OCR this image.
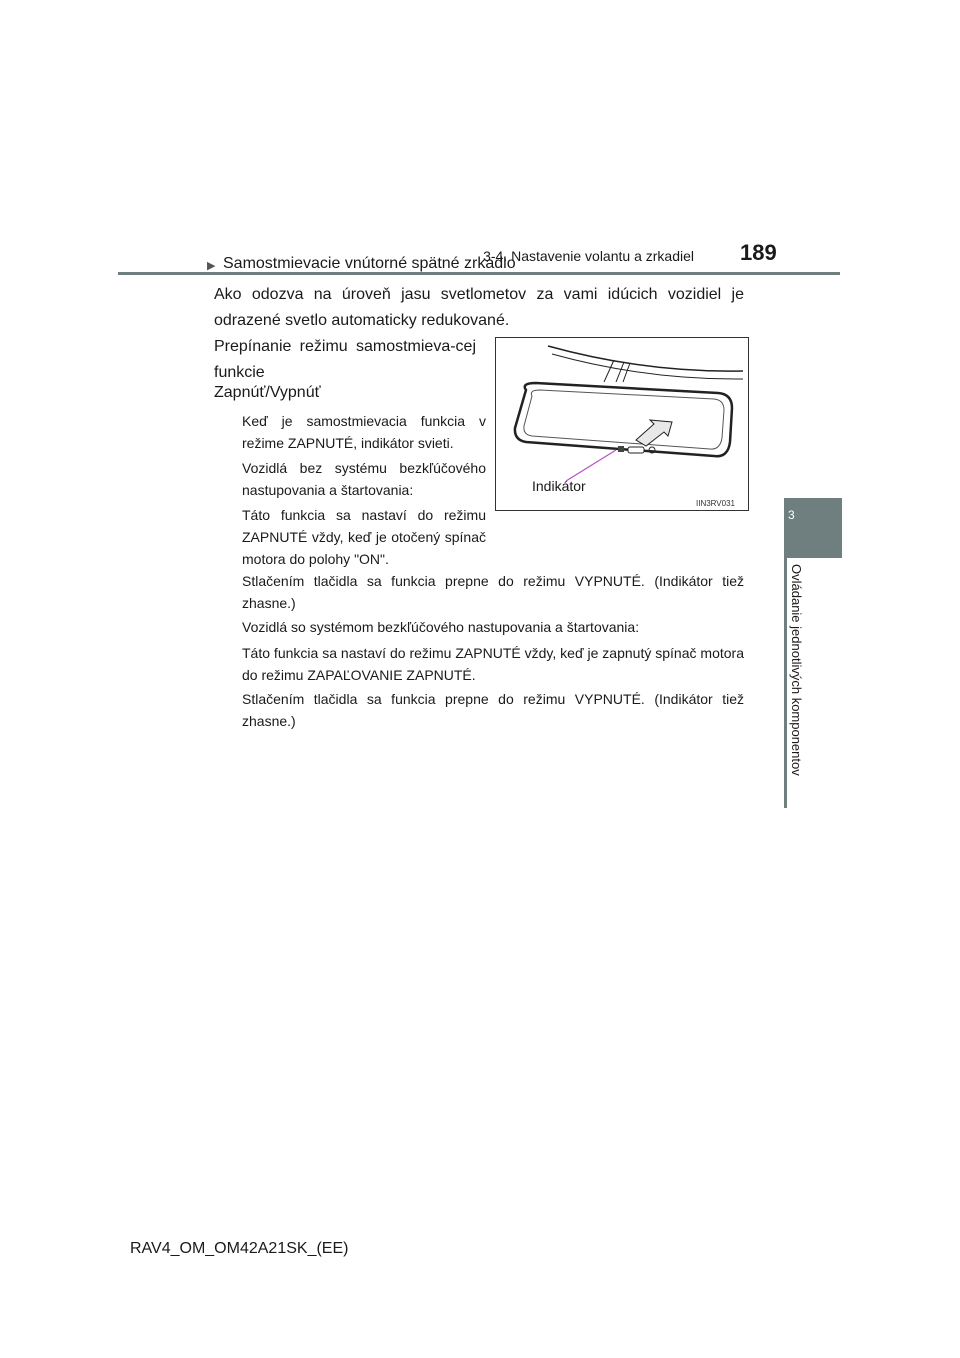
3-4. Nastavenie volantu a zrkadiel 189
3
Ovládanie jednotlivých komponentov
▶ Samostmievacie vnútorné spätné zrkadlo
Ako odozva na úroveň jasu svetlometov za vami idúcich vozidiel je odrazené svetlo automaticky redukované.
Prepínanie režimu samostmieva-cej funkcie
Zapnúť/Vypnúť
Keď je samostmievacia funkcia v režime ZAPNUTÉ, indikátor svieti.
Vozidlá bez systému bezkľúčového nastupovania a štartovania:
Táto funkcia sa nastaví do režimu ZAPNUTÉ vždy, keď je otočený spínač motora do polohy "ON".
Stlačením tlačidla sa funkcia prepne do režimu VYPNUTÉ. (Indikátor tiež zhasne.)
Vozidlá so systémom bezkľúčového nastupovania a štartovania:
Táto funkcia sa nastaví do režimu ZAPNUTÉ vždy, keď je zapnutý spínač motora do režimu ZAPAĽOVANIE ZAPNUTÉ.
Stlačením tlačidla sa funkcia prepne do režimu VYPNUTÉ. (Indikátor tiež zhasne.)
Indikátor
IIN3RV031
RAV4_OM_OM42A21SK_(EE)
